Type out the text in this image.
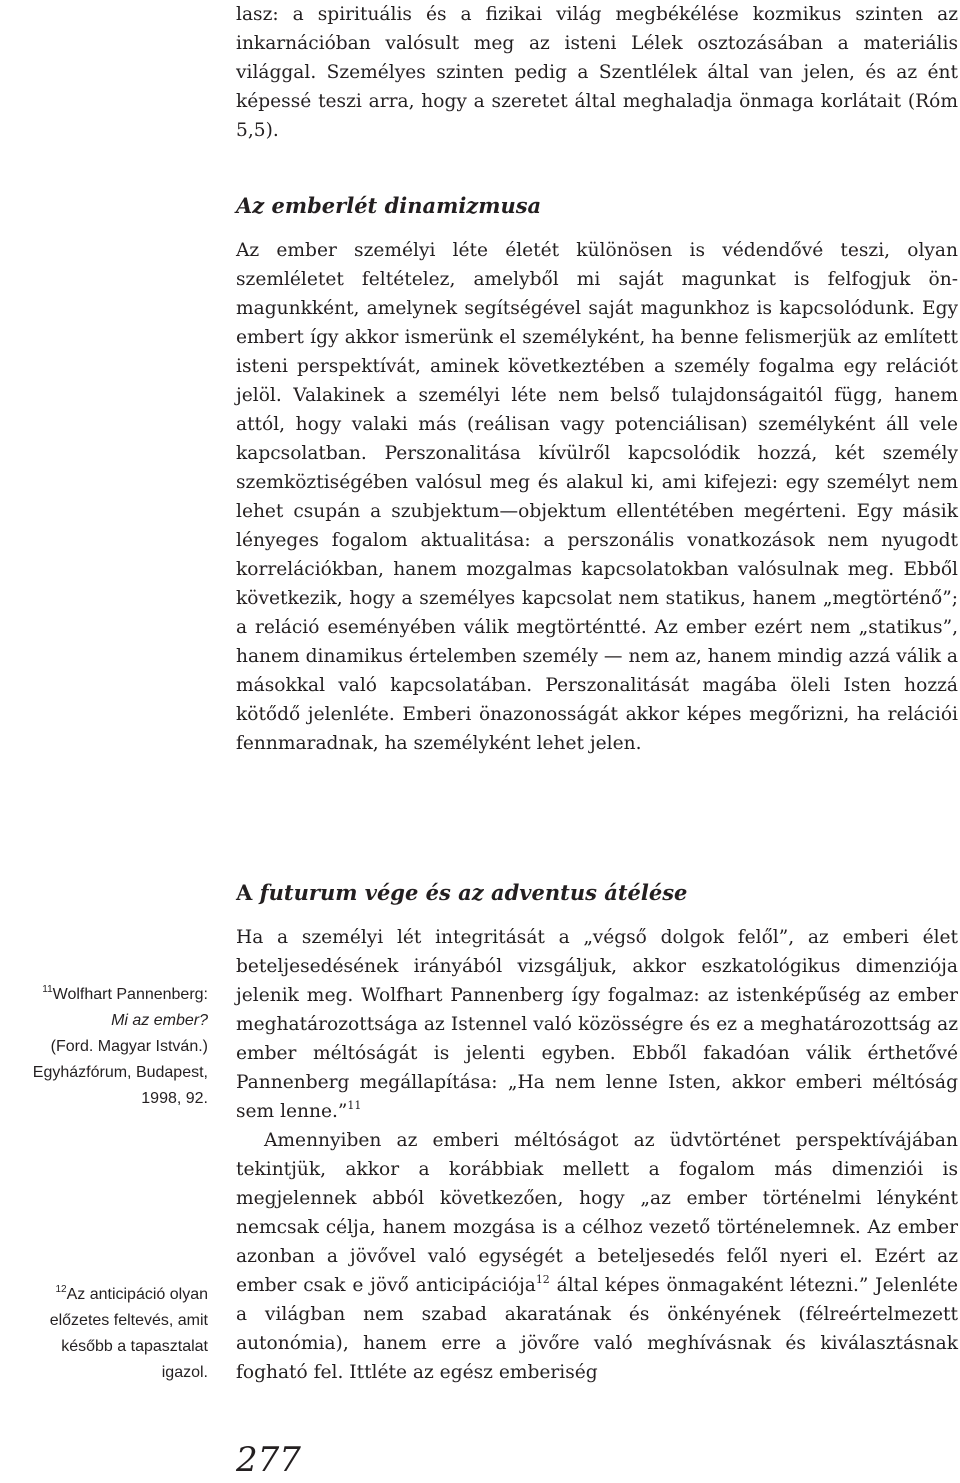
lasz: a spirituális és a fizikai világ megbékélése kozmikus szinten az inkarnációban valósult meg az isteni Lélek osztozásában a materiális világgal. Személyes szinten pedig a Szentlélek által van jelen, és az ént képessé teszi arra, hogy a szeretet által meghaladja önmaga korlátait (Róm 5,5).

Az emberlét dinamizmusa

Az ember személyi léte életét különösen is védendővé teszi, olyan szemléletet feltételez, amelyből mi saját magunkat is felfogjuk önmagunkként, amelynek segítségével saját magunkhoz is kapcsolódunk. Egy embert így akkor ismerünk el személyként, ha benne felismerjük az említett isteni perspektívát, aminek következtében a személy fogalma egy relációt jelöl. Valakinek a személyi léte nem belső tulajdonságaitól függ, hanem attól, hogy valaki más (reálisan vagy potenciálisan) személyként áll vele kapcsolatban. Perszonalitása kívülről kapcsolódik hozzá, két személy szemköztiségében valósul meg és alakul ki, ami kifejezi: egy személyt nem lehet csupán a szubjektum—objektum ellentétében megérteni. Egy másik lényeges fogalom aktualitása: a perszonális vonatkozások nem nyugodt korrelációkban, hanem mozgalmas kapcsolatokban valósulnak meg. Ebből következik, hogy a személyes kapcsolat nem statikus, hanem „megtörténő”; a reláció eseményében válik megtörténtté. Az ember ezért nem „statikus”, hanem dinamikus értelemben személy — nem az, hanem mindig azzá válik a másokkal való kapcsolatában. Perszonalitását magába öleli Isten hozzá kötődő jelenléte. Emberi önazonosságát akkor képes megőrizni, ha relációi fennmaradnak, ha személyként lehet jelen.

A futurum vége és az adventus átélése

Ha a személyi lét integritását a „végső dolgok felől”, az emberi élet beteljesedésének irányából vizsgáljuk, akkor eszkatológikus dimenziója jelenik meg. Wolfhart Pannenberg így fogalmaz: az istenképűség az ember meghatározottsága az Istennel való közösségre és ez a meghatározottság az ember méltóságát is jelenti egyben. Ebből fakadóan válik érthetővé Pannenberg megállapítása: „Ha nem lenne Isten, akkor emberi méltóság sem lenne.”$^{11}$

Amennyiben az emberi méltóságot az üdvtörténet perspektívájában tekintjük, akkor a korábbiak mellett a fogalom más dimenziói is megjelennek abból következően, hogy „az ember történelmi lényként nemcsak célja, hanem mozgása is a célhoz vezető történelemnek. Az ember azonban a jövővel való egységét a beteljesedés felől nyeri el. Ezért az ember csak e jövő anticipációja$^{12}$ által képes önmagaként létezni.” Jelenléte a világban nem szabad akaratának és önkényének (félreértelmezett autonómia), hanem erre a jövőre való meghívásnak és kiválasztásnak fogható fel. Ittléte az egész emberiség

$^{11}$Wolfhart Pannenberg:
Mi az ember?
(Ford. Magyar István.)
Egyházfórum, Budapest,
1998, 92.
$^{12}$Az anticipáció olyan
előzetes feltevés, amit
később a tapasztalat
igazol.
277
